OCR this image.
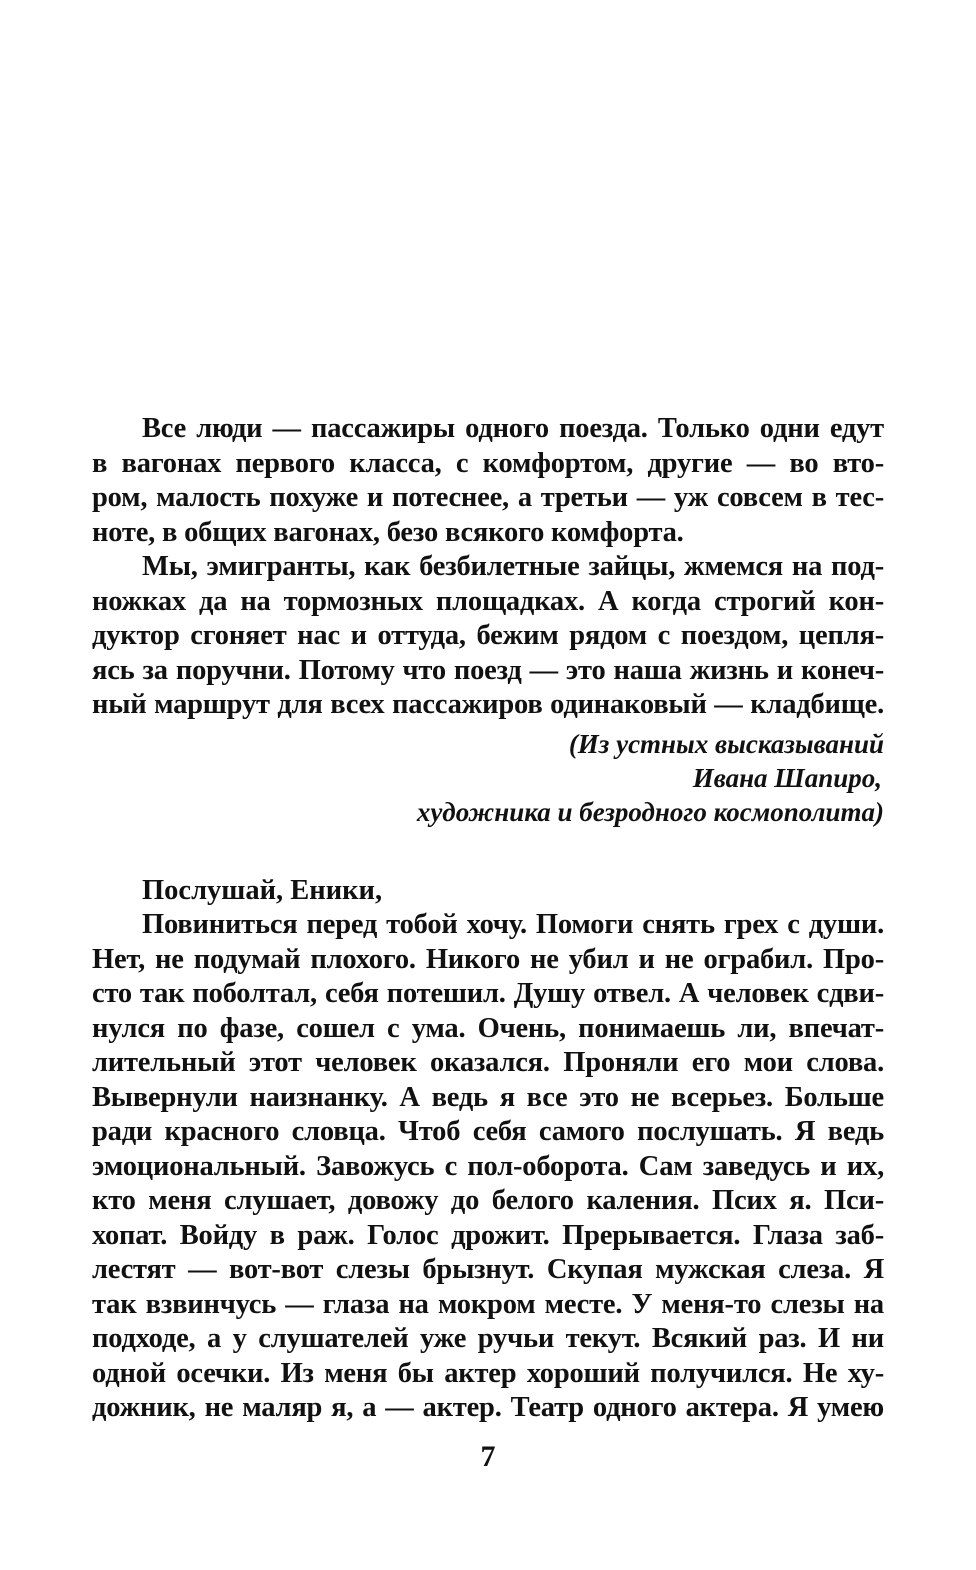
Все люди — пассажиры одного поезда. Только одни едут
в вагонах первого класса, с комфортом, другие — во вто-
ром, малость похуже и потеснее, а третьи — уж совсем в тес-
ноте, в общих вагонах, безо всякого комфорта.
Мы, эмигранты, как безбилетные зайцы, жмемся на под-
ножках да на тормозных площадках. А когда строгий кон-
дуктор сгоняет нас и оттуда, бежим рядом с поездом, цепля-
ясь за поручни. Потому что поезд — это наша жизнь и конеч-
ный маршрут для всех пассажиров одинаковый — кладбище.
(Из устных высказываний
Ивана Шапиро,
художника и безродного космополита)
Послушай, Еники,
Повиниться перед тобой хочу. Помоги снять грех с души.
Нет, не подумай плохого. Никого не убил и не ограбил. Про-
сто так поболтал, себя потешил. Душу отвел. А человек сдви-
нулся по фазе, сошел с ума. Очень, понимаешь ли, впечат-
лительный этот человек оказался. Проняли его мои слова.
Вывернули наизнанку. А ведь я все это не всерьез. Больше
ради красного словца. Чтоб себя самого послушать. Я ведь
эмоциональный. Завожусь с пол-оборота. Сам заведусь и их,
кто меня слушает, довожу до белого каления. Псих я. Пси-
хопат. Войду в раж. Голос дрожит. Прерывается. Глаза заб-
лестят — вот-вот слезы брызнут. Скупая мужская слеза. Я
так взвинчусь — глаза на мокром месте. У меня-то слезы на
подходе, а у слушателей уже ручьи текут. Всякий раз. И ни
одной осечки. Из меня бы актер хороший получился. Не ху-
дожник, не маляр я, а — актер. Театр одного актера. Я умею
7
